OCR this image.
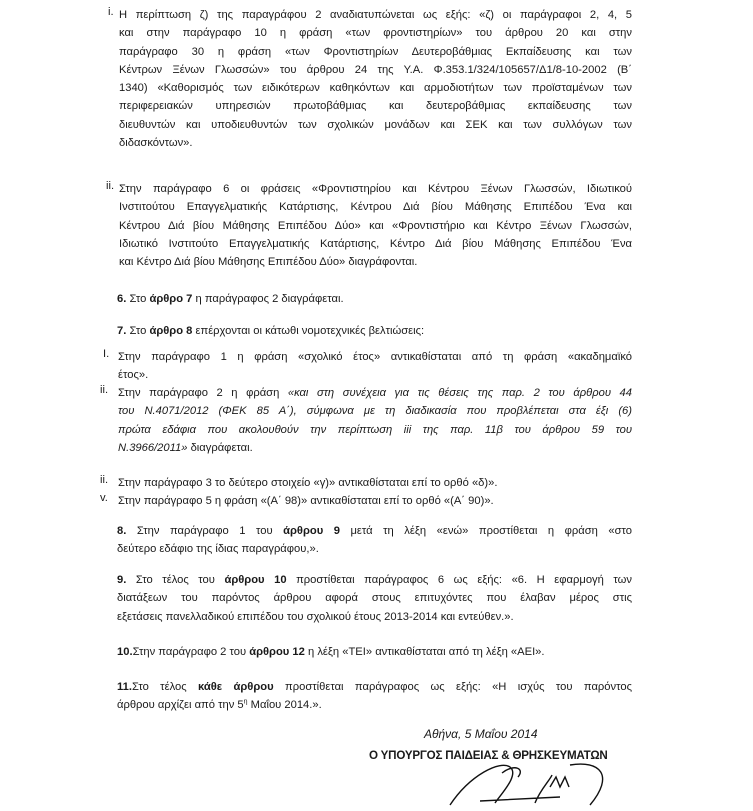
i. Η περίπτωση ζ) της παραγράφου 2 αναδιατυπώνεται ως εξής: «ζ) οι παράγραφοι 2, 4, 5
και στην παράγραφο 10 η φράση «των φροντιστηρίων» του άρθρου 20 και στην
παράγραφο 30 η φράση «των Φροντιστηρίων Δευτεροβάθμιας Εκπαίδευσης και των
Κέντρων Ξένων Γλωσσών» του άρθρου 24 της Υ.Α. Φ.353.1/324/105657/Δ1/8-10-2002 (Β΄
1340) «Καθορισμός των ειδικότερων καθηκόντων και αρμοδιοτήτων των προϊσταμένων των
περιφερειακών υπηρεσιών πρωτοβάθμιας και δευτεροβάθμιας εκπαίδευσης των
διευθυντών και υποδιευθυντών των σχολικών μονάδων και ΣΕΚ και των συλλόγων των
διδασκόντων».
ii. Στην παράγραφο 6 οι φράσεις «Φροντιστηρίου και Κέντρου Ξένων Γλωσσών, Ιδιωτικού
Ινστιτούτου Επαγγελματικής Κατάρτισης, Κέντρου Διά βίου Μάθησης Επιπέδου Ένα και
Κέντρου Διά βίου Μάθησης Επιπέδου Δύο» και «Φροντιστήριο και Κέντρο Ξένων Γλωσσών,
Ιδιωτικό Ινστιτούτο Επαγγελματικής Κατάρτισης, Κέντρο Διά βίου Μάθησης Επιπέδου Ένα
και Κέντρο Διά βίου Μάθησης Επιπέδου Δύο» διαγράφονται.
6. Στο άρθρο 7 η παράγραφος 2 διαγράφεται.
7. Στο άρθρο 8 επέρχονται οι κάτωθι νομοτεχνικές βελτιώσεις:
I. Στην παράγραφο 1 η φράση «σχολικό έτος» αντικαθίσταται από τη φράση «ακαδημαϊκό
έτος».
ii. Στην παράγραφο 2 η φράση «και στη συνέχεια για τις θέσεις της παρ. 2 του άρθρου 44
του Ν.4071/2012 (ΦΕΚ 85 Α΄), σύμφωνα με τη διαδικασία που προβλέπεται στα έξι (6)
πρώτα εδάφια που ακολουθούν την περίπτωση iii της παρ. 11β του άρθρου 59 του
Ν.3966/2011» διαγράφεται.
ii. Στην παράγραφο 3 το δεύτερο στοιχείο «γ)» αντικαθίσταται επί το ορθό «δ)».
v. Στην παράγραφο 5 η φράση «(Α΄ 98)» αντικαθίσταται επί το ορθό «(Α΄ 90)».
8. Στην παράγραφο 1 του άρθρου 9 μετά τη λέξη «ενώ» προστίθεται η φράση «στο
δεύτερο εδάφιο της ίδιας παραγράφου,».
9. Στο τέλος του άρθρου 10 προστίθεται παράγραφος 6 ως εξής: «6. Η εφαρμογή των
διατάξεων του παρόντος άρθρου αφορά στους επιτυχόντες που έλαβαν μέρος στις
εξετάσεις πανελλαδικού επιπέδου του σχολικού έτους 2013-2014 και εντεύθεν.».
10.Στην παράγραφο 2 του άρθρου 12 η λέξη «ΤΕΙ» αντικαθίσταται από τη λέξη «ΑΕΙ».
11.Στο τέλος κάθε άρθρου προστίθεται παράγραφος ως εξής: «Η ισχύς του παρόντος
άρθρου αρχίζει από την $5^\eta$ Μαΐου 2014.».
Αθήνα, 5 Μαΐου 2014
Ο ΥΠΟΥΡΓΟΣ ΠΑΙΔΕΙΑΣ & ΘΡΗΣΚΕΥΜΑΤΩΝ
